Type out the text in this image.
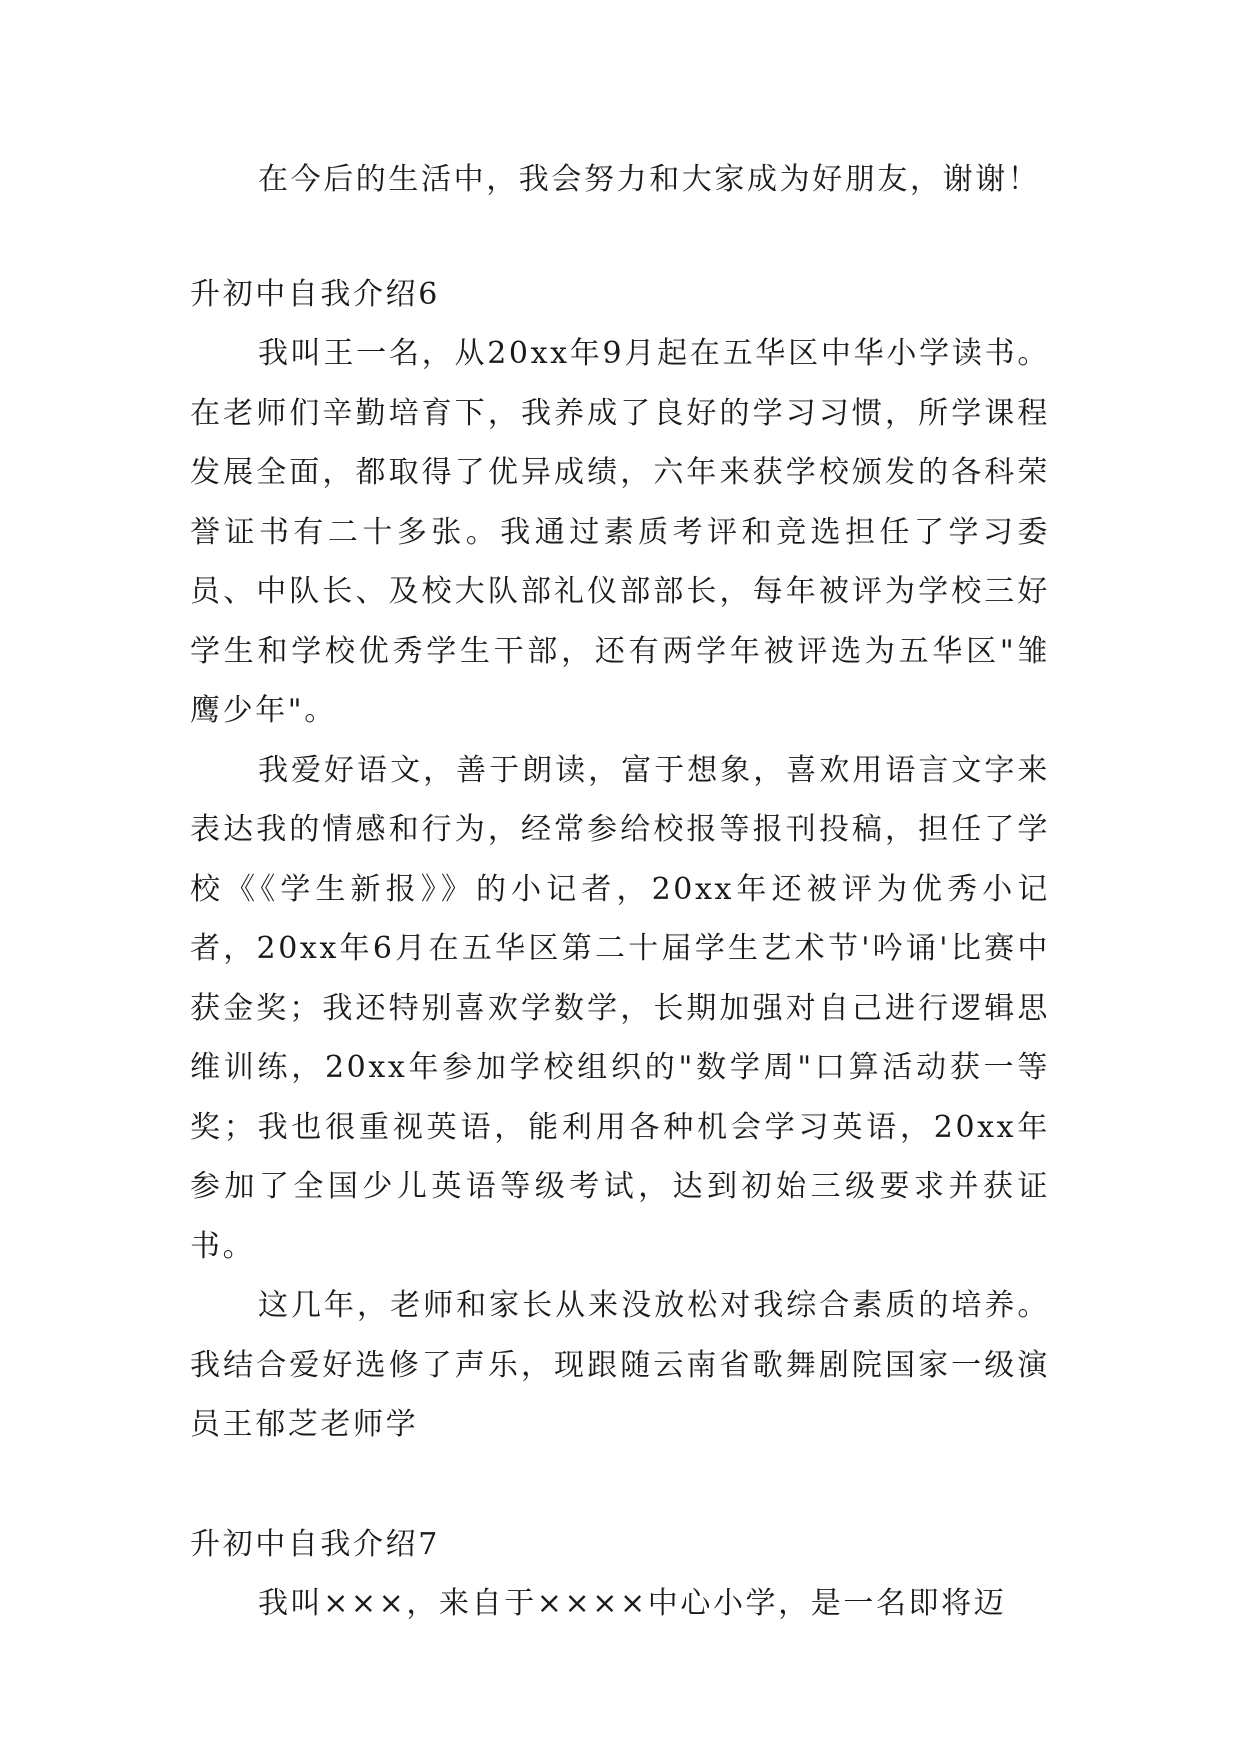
在今后的生活中，我会努力和大家成为好朋友，谢谢！

升初中自我介绍6

我叫王一名，从20xx年9月起在五华区中华小学读书。在老师们辛勤培育下，我养成了良好的学习习惯，所学课程发展全面，都取得了优异成绩，六年来获学校颁发的各科荣誉证书有二十多张。我通过素质考评和竞选担任了学习委员、中队长、及校大队部礼仪部部长，每年被评为学校三好学生和学校优秀学生干部，还有两学年被评选为五华区"雏鹰少年"。

我爱好语文，善于朗读，富于想象，喜欢用语言文字来表达我的情感和行为，经常参给校报等报刊投稿，担任了学校《《学生新报》》的小记者，20xx年还被评为优秀小记者，20xx年6月在五华区第二十届学生艺术节'吟诵'比赛中获金奖；我还特别喜欢学数学，长期加强对自己进行逻辑思维训练，20xx年参加学校组织的"数学周"口算活动获一等奖；我也很重视英语，能利用各种机会学习英语，20xx年参加了全国少儿英语等级考试，达到初始三级要求并获证书。

这几年，老师和家长从来没放松对我综合素质的培养。我结合爱好选修了声乐，现跟随云南省歌舞剧院国家一级演员王郁芝老师学

升初中自我介绍7

我叫×××，来自于××××中心小学，是一名即将迈
